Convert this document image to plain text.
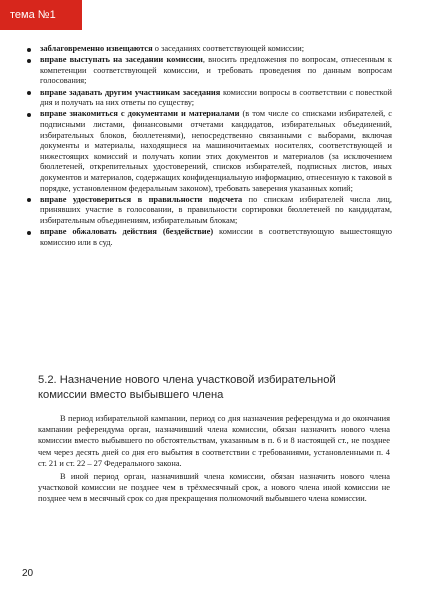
тема №1
заблаговременно извещаются о заседаниях соответствующей комиссии;
вправе выступать на заседании комиссии, вносить предложения по вопросам, отнесенным к компетенции соответствующей комиссии, и требовать проведения по данным вопросам голосования;
вправе задавать другим участникам заседания комиссии вопросы в соответствии с повесткой дня и получать на них ответы по существу;
вправе знакомиться с документами и материалами (в том числе со списками избирателей, с подписными листами, финансовыми отчетами кандидатов, избирательных объединений, избирательных блоков, бюллетенями), непосредственно связанными с выборами, включая документы и материалы, находящиеся на машиночитаемых носителях, соответствующей и нижестоящих комиссий и получать копии этих документов и материалов (за исключением бюллетеней, открепительных удостоверений, списков избирателей, подписных листов, иных документов и материалов, содержащих конфиденциальную информацию, отнесенную к таковой в порядке, установленном федеральным законом), требовать заверения указанных копий;
вправе удостовериться в правильности подсчета по спискам избирателей числа лиц, принявших участие в голосовании, в правильности сортировки бюллетеней по кандидатам, избирательным объединениям, избирательным блокам;
вправе обжаловать действия (бездействие) комиссии в соответствующую вышестоящую комиссию или в суд.
5.2. Назначение нового члена участковой избирательной комиссии вместо выбывшего члена

В период избирательной кампании, период со дня назначения референдума и до окончания кампании референдума орган, назначивший члена комиссии, обязан назначить нового члена комиссии вместо выбывшего по обстоятельствам, указанным в п. 6 и 8 настоящей ст., не позднее чем через десять дней со дня его выбытия в соответствии с требованиями, установленными п. 4 ст. 21 и ст. 22 – 27 Федерального закона.

В иной период орган, назначивший члена комиссии, обязан назначить нового члена участковой комиссии не позднее чем в трёхмесячный срок, а нового члена иной комиссии не позднее чем в месячный срок со дня прекращения полномочий выбывшего члена комиссии.

20
